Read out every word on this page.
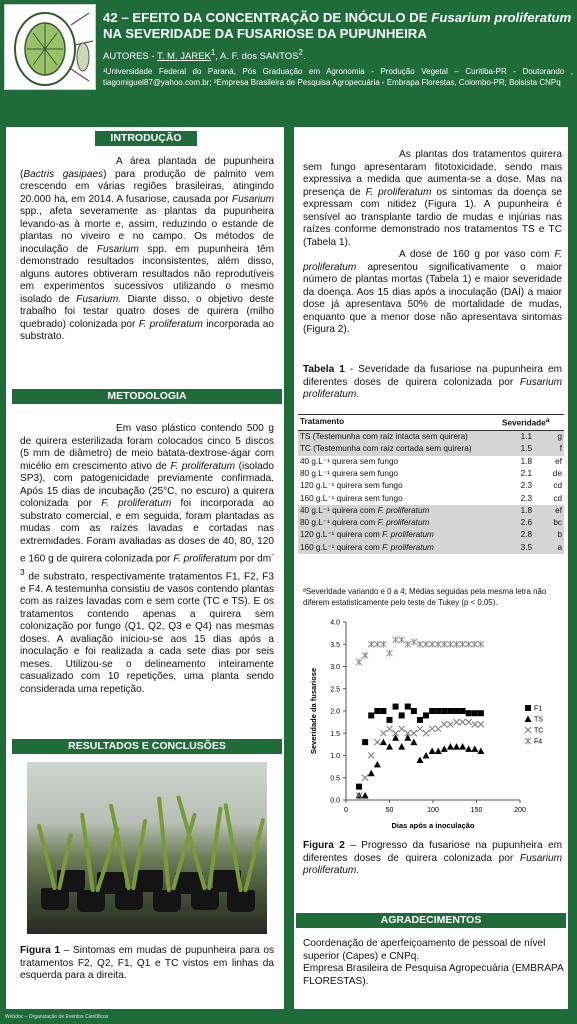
42 – EFEITO DA CONCENTRAÇÃO DE INÓCULO DE Fusarium proliferatum NA SEVERIDADE DA FUSARIOSE DA PUPUNHEIRA
AUTORES - T. M. JAREK$^1$, A. F. dos SANTOS$^2$.
¹Universidade Federal do Paraná, Pós Graduação em Agronomia - Produção Vegetal – Curitiba-PR - Doutorando , tiagomiguel87@yahoo.com.br; ²Empresa Brasileira de Pesquisa Agropecuária - Embrapa Florestas, Colombo-PR; Bolsista CNPq
INTRODUÇÃO

A área plantada de pupunheira (Bactris gasipaes) para produção de palmito vem crescendo em várias regiões brasileiras, atingindo 20.000 ha, em 2014. A fusariose, causada por Fusarium spp., afeta severamente as plantas da pupunheira levando-as à morte e, assim, reduzindo o estande de plantas no viveiro e no campo. Os métodos de inoculação de Fusarium spp. em pupunheira têm demonstrado resultados inconsistentes, além disso, alguns autores obtiveram resultados não reprodutíveis em experimentos sucessivos utilizando o mesmo isolado de Fusarium. Diante disso, o objetivo deste trabalho foi testar quatro doses de quirera (milho quebrado) colonizada por F. proliferatum incorporada ao substrato.

METODOLOGIA

Em vaso plástico contendo 500 g de quirera esterilizada foram colocados cinco 5 discos (5 mm de diâmetro) de meio batata-dextrose-ágar com micélio em crescimento ativo de F. proliferatum (isolado SP3), com patogenicidade previamente confirmada. Após 15 dias de incubação (25°C, no escuro) a quirera colonizada por F. proliferatum foi incorporada ao substrato comercial, e em seguida, foram plantadas as mudas com as raízes lavadas e cortadas nas extremidades. Foram avaliadas as doses de 40, 80, 120 e 160 g de quirera colonizada por F. proliferatum por $dm^{-3}$ de substrato, respectivamente tratamentos F1, F2, F3 e F4. A testemunha consistiu de vasos contendo plantas com as raízes lavadas com e sem corte (TC e TS). E os tratamentos contendo apenas a quirera sem colonização por fungo (Q1, Q2, Q3 e Q4) nas mesmas doses. A avaliação iniciou-se aos 15 dias após a inoculação e foi realizada a cada sete dias por seis meses. Utilizou-se o delineamento inteiramente casualizado com 10 repetições, uma planta sendo considerada uma repetição.

RESULTADOS E CONCLUSÕES
Figura 1 – Sintomas em mudas de pupunheira para os tratamentos F2, Q2, F1, Q1 e TC vistos em linhas da esquerda para a direita.

As plantas dos tratamentos quirera sem fungo apresentaram fitotoxicidade, sendo mais expressiva a medida que aumenta-se a dose. Mas na presença de F. proliferatum os sintomas da doença se expressam com nitidez (Figura 1). A pupunheira é sensível ao transplante tardio de mudas e injúrias nas raízes conforme demonstrado nos tratamentos TS e TC (Tabela 1).

A dose de 160 g por vaso com F. proliferatum apresentou significativamente o maior número de plantas mortas (Tabela 1) e maior severidade da doença. Aos 15 dias após a inoculação (DAÍ) a maior dose já apresentava 50% de mortalidade de mudas, enquanto que a menor dose não apresentava sintomas (Figura 2).

Tabela 1 - Severidade da fusariose na pupunheira em diferentes doses de quirera colonizada por Fusarium proliferatum.
Tratamento	Severidade$^a$
TS (Testemunha com raiz intacta sem quirera)	1.1	g
TC (Testemunha com raiz cortada sem quirera)	1.5	f
40 g.L⁻¹ quirera sem fungo	1.8	ef
80 g.L⁻¹ quirera sem fungo	2.1	de
120 g.L⁻¹ quirera sem fungo	2.3	cd
160 g.L⁻¹ quirera sem fungo	2.3	cd
40 g.L⁻¹ quirera com F. proliferatum	1.8	ef
80 g.L⁻¹ quirera com F. proliferatum	2.6	bc
120 g.L⁻¹ quirera com F. proliferatum	2.8	b
160 g.L⁻¹ quirera com F. proliferatum	3.5	a
ªSeveridade variando e 0 a 4; Médias seguidas pela mesma letra não diferem estatisticamente pelo teste de Tukey (p < 0,05).
0	50	100	150	200
0.0
0.5
1.0
1.5
2.0
2.5
3.0
3.5
4.0
Dias após a inoculação
Severidade da fusariose	F1
TS
TC
F4
Figura 2 – Progresso da fusariose na pupunheira em diferentes doses de quirera colonizada por Fusarium proliferatum.
AGRADECIMENTOS

Coordenação de aperfeiçoamento de pessoal de nível superior (Capes) e CNPq.

Empresa Brasileira de Pesquisa Agropecuária (EMBRAPA FLORESTAS).

Webdoc – Organização de Eventos Científicos
